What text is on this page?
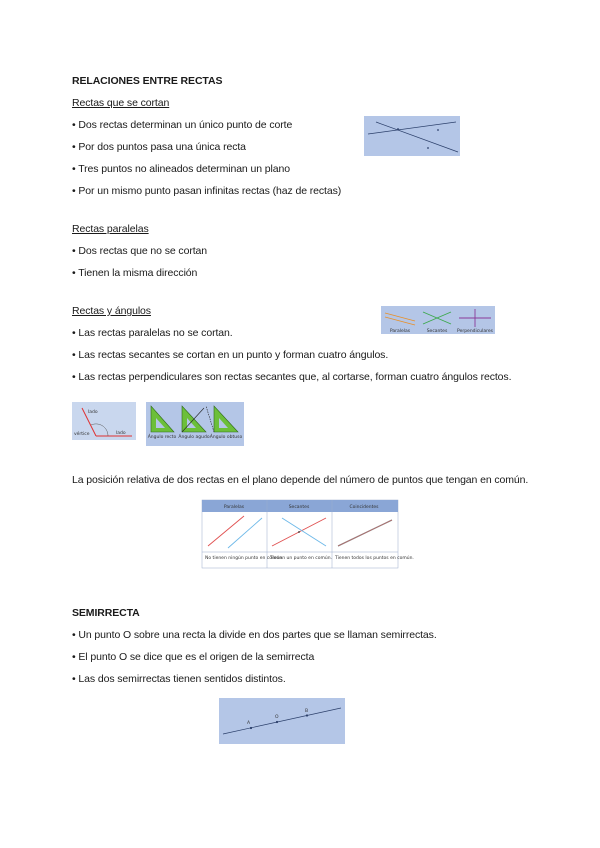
RELACIONES ENTRE RECTAS
Rectas que se cortan
• Dos rectas determinan un único punto de corte
• Por dos puntos pasa una única recta
• Tres puntos no alineados determinan un plano
• Por un mismo punto pasan infinitas rectas (haz de rectas)
Rectas paralelas
• Dos rectas que no se cortan
• Tienen la misma dirección
Rectas y ángulos
• Las rectas paralelas no se cortan.
• Las rectas secantes se cortan en un punto y forman cuatro ángulos.
• Las rectas perpendiculares son rectas secantes que, al cortarse, forman cuatro ángulos rectos.
Paralelas	Secantes Perpendiculares
lado
vértice	lado
Ángulo recto Ángulo agudo Ángulo obtuso
La posición relativa de dos rectas en el plano depende del número de puntos que tengan en común.
Paralelas	Secantes	Coincidentes
No tienen ningún punto en común.
Tienen un punto en común. Tienen todos los puntos en común.
SEMIRRECTA
• Un punto O sobre una recta la divide en dos partes que se llaman semirrectas.
• El punto O se dice que es el origen de la semirrecta
• Las dos semirrectas tienen sentidos distintos.
A
O
B
